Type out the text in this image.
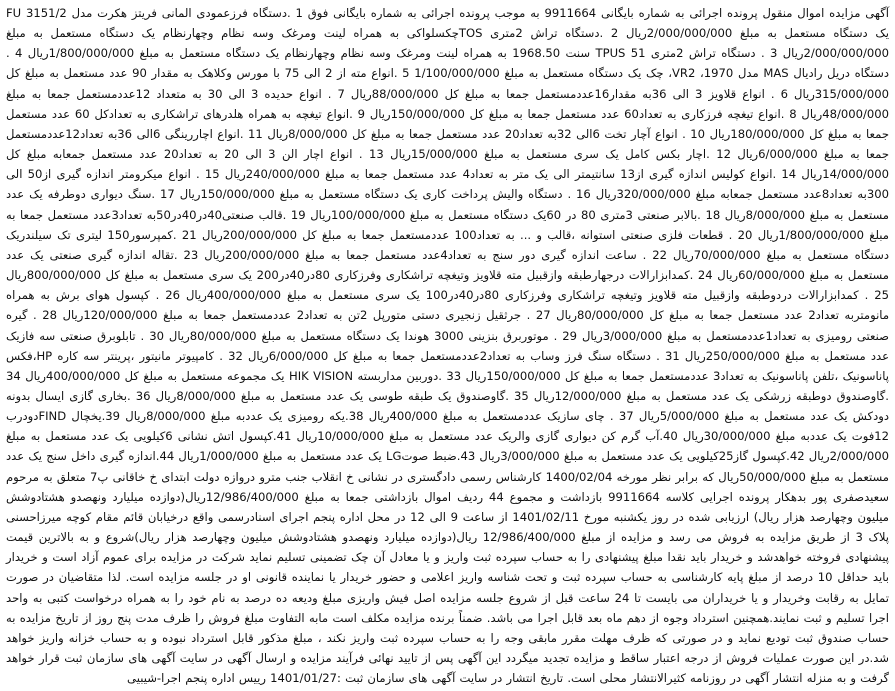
آگهی مزایده اموال منقول پرونده اجرائی به شماره بایگانی 9911664 به موجب پرونده اجرائی به شماره بایگانی فوق 1 .دستگاه فرزعمودی المانی فریتز هکرت مدل FU 3151/2 یک دستگاه مستعمل به مبلغ 2/000/000/000ریال 2 .دستگاه تراش 2متری TOSچکسلواکی به همراه لینت ومرغک وسه نظام وچهارنظام یک دستگاه مستعمل به مبلغ 2/000/000/000ریال 3 . دستگاه تراش 2متری TPUS 51 سنت 1968.50 به همراه لینت ومرغک وسه نظام وچهارنظام یک دستگاه مستعمل به مبلغ 1/800/000/000ریال 4 . دستگاه دریل رادیال MAS مدل 1970، VR2، چک یک دستگاه مستعمل به مبلغ 1/100/000/000 5 .انواع مته از 2 الی 75 با مورس وکلاهک به مقدار 90 عدد مستعمل به مبلغ کل 315/000/000ریال 6 . انواع قلاویز 3 الی 36به مقدار16عددمستعمل جمعا به مبلغ کل 88/000/000ریال 7 . انواع حدیده 3 الی 30 به متعداد 12عددمستعمل جمعا به مبلغ 48/000/000ریال 8 .انواع تیغچه فرزکاری به تعداد60 عدد مستعمل جمعا به مبلغ کل 150/000/000ریال 9 .انواع تیغچه به همراه هلدرهای تراشکاری به تعدادکل 60 عدد مستعمل جمعا به مبلغ کل 180/000/000ریال 10 . انواع آچار تخت 6الی 32به تعداد20 عدد مستعمل جمعا به مبلغ کل 8/000/000ریال 11 .انواع اچاررینگی 6الی 36به تعداد12عددمستعمل جمعا به مبلغ 6/000/000ریال 12 .اچار بکس کامل یک سری مستعمل به مبلغ 15/000/000ریال 13 . انواع اچار الن 3 الی 20 به تعداد20 عدد مستعمل جمعابه مبلغ کل 14/000/000ریال 14 .انواع کولیس اندازه گیری از13 سانتیمتر الی یک متر به تعداد4 عدد مستعمل جمعا به مبلغ 240/000/000ریال 15 . انواع میکرومتر اندازه گیری از50 الی 300به تعداد8عدد مستعمل جمعابه مبلغ 320/000/000ریال 16 . دستگاه والیش پرداخت کاری یک دستگاه مستعمل به مبلغ 150/000/000ریال 17 .سنگ دیواری دوطرفه یک عدد مستعمل به مبلغ 8/000/000ریال 18 .بالابر صنعتی 3متری 80 در 60یک دستگاه مستعمل به مبلغ 100/000/000ریال 19 .قالب صنعتی40در40در50به تعداد3عدد مستعمل جمعا به مبلغ 1/800/000/000ریال 20 . قطعات فلزی صنعتی استوانه ،قالب و ... به تعداد100 عددمستعمل جمعا به مبلغ کل 200/000/000ریال 21 .کمپرسور150 لیتری تک سیلندریک دستگاه مستعمل به مبلغ 70/000/000ریال 22 . ساعت اندازه گیری دور سنج به تعداد4عدد مستعمل جمعا به مبلغ 200/000/000ریال 23 .تقاله اندازه گیری صنعتی یک عدد مستعمل به مبلغ 60/000/000ریال 24 .کمدابزارالات درجهارطبقه وازقبیل مته قلاویز وتیغچه تراشکاری وفرزکاری 80در40در200 یک سری مستعمل به مبلغ کل 800/000/000ریال 25 . کمدابزارالات دردوطبقه وازقبیل مته قلاویز وتیغچه تراشکاری وفرزکاری 80در40در100 یک سری مستعمل به مبلغ 400/000/000ریال 26 . کپسول هوای برش به همراه مانومتربه تعداد2 عدد مستعمل جمعا به مبلغ کل 80/000/000ریال 27 . جرثقیل زنجیری دستی متورپل 2تن به تعداد2 عددمستعمل جمعا به مبلغ 120/000/000ریال 28 . گیره صنعتی رومیزی به تعداد1عددمستعمل به مبلغ 3/000/000ریال 29 . موتوربرق بنزینی 3000 هوندا یک دستگاه مستعمل به مبلغ 80/000/000ریال 30 . تابلوبرق صنعتی سه فازیک عدد مستعمل به مبلغ 250/000/000ریال 31 . دستگاه سنگ فرز وساب به تعداد2عددمستعمل جمعا به مبلغ کل 6/000/000ریال 32 . کامپیوتر مانیتور ،پرینتر سه کاره HP،فکس پاناسونیک ،تلفن پاناسونیک به تعداد3 عددمستعمل جمعا به مبلغ کل 150/000/000ریال 33 .دوربین مداربسته HIK VISION یک مجموعه مستعمل به مبلغ کل 400/000/000ریال 34 .گاوصندوق دوطبقه زرشکی یک عدد مستعمل به مبلغ 12/000/000ریال 35 .گاوصندوق یک طبقه طوسی یک عدد مستعمل به مبلغ 8/000/000ریال 36 .بخاری گازی ایسال بدونه دودکش یک عدد مستعمل به مبلغ 5/000/000ریال 37 . چای سازیک عددمستعمل به مبلغ 400/000ریال 38.یکه رومیزی یک عددبه مبلغ 8/000/000ریال 39.یخچال FINDدودرب 12فوت یک عددبه مبلغ 30/000/000ریال 40.آب گرم کن دیواری گازی والریک عدد مستعمل به مبلغ 10/000/000ریال 41.کپسول اتش نشانی 6کیلویی یک عدد مستعمل به مبلغ 2/000/000ریال 42.کپسول گاز25کیلویی یک عدد مستعمل به مبلغ 3/000/000ریال 43.ضبط صوتLG یک عدد مستعمل به مبلغ 1/000/000ریال 44.اندازه گیری داخل سنج یک عدد مستعمل به مبلغ 50/000/000ریال که برابر نظر مورخه 1400/02/04 کارشناس رسمی دادگستری در نشانی خ انقلاب جنب مترو دروازه دولت ابتدای خ خاقانی پ7 متعلق به مرحوم سعیدصفری پور بدهکار پرونده اجرایی کلاسه 9911664 بازداشت و مجموع 44 ردیف اموال بازداشتی جمعا به مبلغ 12/986/400/000ریال(دوازده میلیارد ونهصدو هشتادوشش میلیون وچهارصد هزار ریال) ارزیابی شده در روز یکشنبه مورخ 1401/02/11 از ساعت 9 الی 12 در محل اداره پنجم اجرای اسنادرسمی واقع درخیابان قائم مقام کوچه میرزاحسنی پلاک 3 از طریق مزایده به فروش می رسد و مزایده از مبلغ 12/986/400/000 ریال(دوازده میلیارد ونهصدو هشتادوشش میلیون وچهارصد هزار ریال)شروع و به بالاترین قیمت پیشنهادی فروخته خواهدشد و خریدار باید نقدا مبلغ پیشنهادی را به حساب سپرده ثبت واریز و یا معادل آن چک تضمینی تسلیم نماید شرکت در مزایده برای عموم آزاد است و خریدار باید حداقل 10 درصد از مبلغ پایه کارشناسی به حساب سپرده ثبت و تحت شناسه واریز اعلامی و حضور خریدار یا نماینده قانونی او در جلسه مزایده است. لذا متقاضیان در صورت تمایل به رقابت وخریدار و یا خریداران می بایست تا 24 ساعت قبل از شروع جلسه مزایده اصل فیش واریزی مبلغ ودیعه ده درصد به نام خود را به همراه درخواست کتبی به واحد اجرا تسلیم و ثبت نمایند.همچنین استرداد وجوه از دهم ماه بعد قابل اجرا می باشد. ضمناً برنده مزایده مکلف است مابه التفاوت مبلغ فروش را ظرف مدت پنج روز از تاریخ مزایده به حساب صندوق ثبت تودیع نماید و در صورتی که ظرف مهلت مقرر مابقی وجه را به حساب سپرده ثبت واریز نکند ، مبلغ مذکور قابل استرداد نبوده و به حساب خزانه واریز خواهد شد.در این صورت عملیات فروش از درجه اعتبار ساقط و مزایده تجدید میگردد این آگهی پس از تایید نهائی فرآیند مزایده و ارسال آگهی در سایت آگهی های سازمان ثبت قرار خواهد گرفت و به منزله انتشار آگهی در روزنامه کثیرالانتشار محلی است. تاریخ انتشار در سایت آگهی های سازمان ثبت :1401/01/27 رییس اداره پنجم اجرا-شیبیی
